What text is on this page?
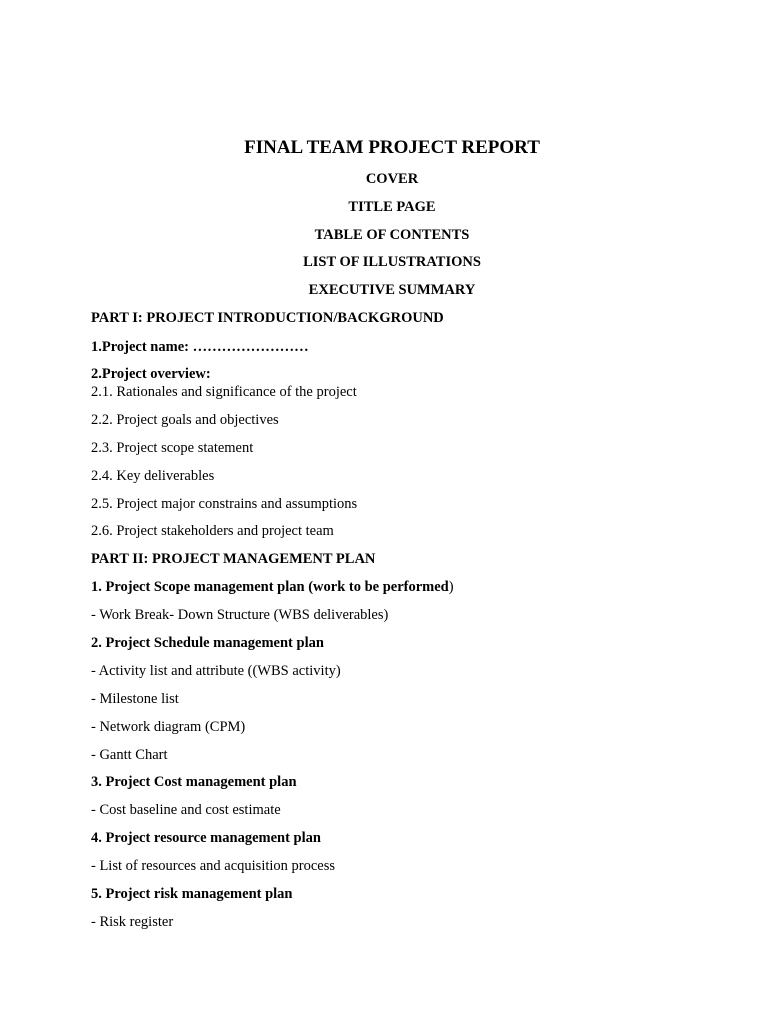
FINAL TEAM PROJECT REPORT

COVER

TITLE PAGE

TABLE OF CONTENTS

LIST OF ILLUSTRATIONS

EXECUTIVE SUMMARY

PART I: PROJECT INTRODUCTION/BACKGROUND

1.Project name: ……………………

2.Project overview:

2.1. Rationales and significance of the project

2.2. Project goals and objectives

2.3. Project scope statement

2.4. Key deliverables

2.5. Project major constrains and assumptions

2.6. Project stakeholders and project team

PART II: PROJECT MANAGEMENT PLAN

1. Project Scope management plan (work to be performed)

- Work Break- Down Structure (WBS deliverables)

2. Project Schedule management plan

- Activity list and attribute ((WBS activity)

- Milestone list

- Network diagram (CPM)

- Gantt Chart

3. Project Cost management plan

- Cost baseline and cost estimate

4. Project resource management plan

- List of resources and acquisition process

5. Project risk management plan

- Risk register
